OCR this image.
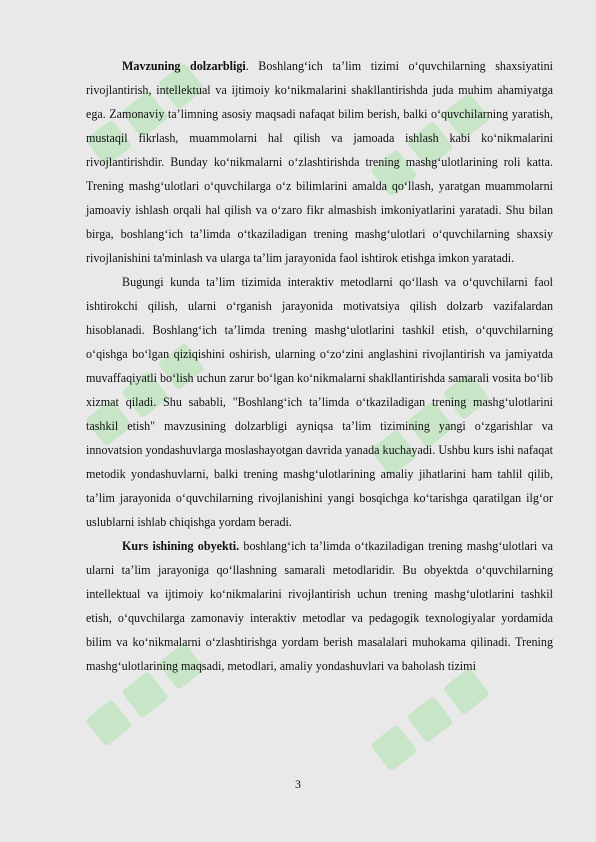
Mavzuning dolzarbligi. Boshlang‘ich ta’lim tizimi o‘quvchilarning shaxsiyatini rivojlantirish, intellektual va ijtimoiy ko‘nikmalarini shakllantirishda juda muhim ahamiyatga ega. Zamonaviy ta’limning asosiy maqsadi nafaqat bilim berish, balki o‘quvchilarning yaratish, mustaqil fikrlash, muammolarni hal qilish va jamoada ishlash kabi ko‘nikmalarini rivojlantirishdir. Bunday ko‘nikmalarni o‘zlashtirishda trening mashg‘ulotlarining roli katta. Trening mashg‘ulotlari o‘quvchilarga o‘z bilimlarini amalda qo‘llash, yaratgan muammolarni jamoaviy ishlash orqali hal qilish va o‘zaro fikr almashish imkoniyatlarini yaratadi. Shu bilan birga, boshlang‘ich ta’limda o‘tkaziladigan trening mashg‘ulotlari o‘quvchilarning shaxsiy rivojlanishini ta'minlash va ularga ta’lim jarayonida faol ishtirok etishga imkon yaratadi.

Bugungi kunda ta’lim tizimida interaktiv metodlarni qo‘llash va o‘quvchilarni faol ishtirokchi qilish, ularni o‘rganish jarayonida motivatsiya qilish dolzarb vazifalardan hisoblanadi. Boshlang‘ich ta’limda trening mashg‘ulotlarini tashkil etish, o‘quvchilarning o‘qishga bo‘lgan qiziqishini oshirish, ularning o‘zo‘zini anglashini rivojlantirish va jamiyatda muvaffaqiyatli bo‘lish uchun zarur bo‘lgan ko‘nikmalarni shakllantirishda samarali vosita bo‘lib xizmat qiladi. Shu sababli, "Boshlang‘ich ta’limda o‘tkaziladigan trening mashg‘ulotlarini tashkil etish" mavzusining dolzarbligi ayniqsa ta’lim tizimining yangi o‘zgarishlar va innovatsion yondashuvlarga moslashayotgan davrida yanada kuchayadi. Ushbu kurs ishi nafaqat metodik yondashuvlarni, balki trening mashg‘ulotlarining amaliy jihatlarini ham tahlil qilib, ta’lim jarayonida o‘quvchilarning rivojlanishini yangi bosqichga ko‘tarishga qaratilgan ilg‘or uslublarni ishlab chiqishga yordam beradi.

Kurs ishining obyekti. boshlang‘ich ta’limda o‘tkaziladigan trening mashg‘ulotlari va ularni ta’lim jarayoniga qo‘llashning samarali metodlaridir. Bu obyektda o‘quvchilarning intellektual va ijtimoiy ko‘nikmalarini rivojlantirish uchun trening mashg‘ulotlarini tashkil etish, o‘quvchilarga zamonaviy interaktiv metodlar va pedagogik texnologiyalar yordamida bilim va ko‘nikmalarni o‘zlashtirishga yordam berish masalalari muhokama qilinadi. Trening mashg‘ulotlarining maqsadi, metodlari, amaliy yondashuvlari va baholash tizimi

3
